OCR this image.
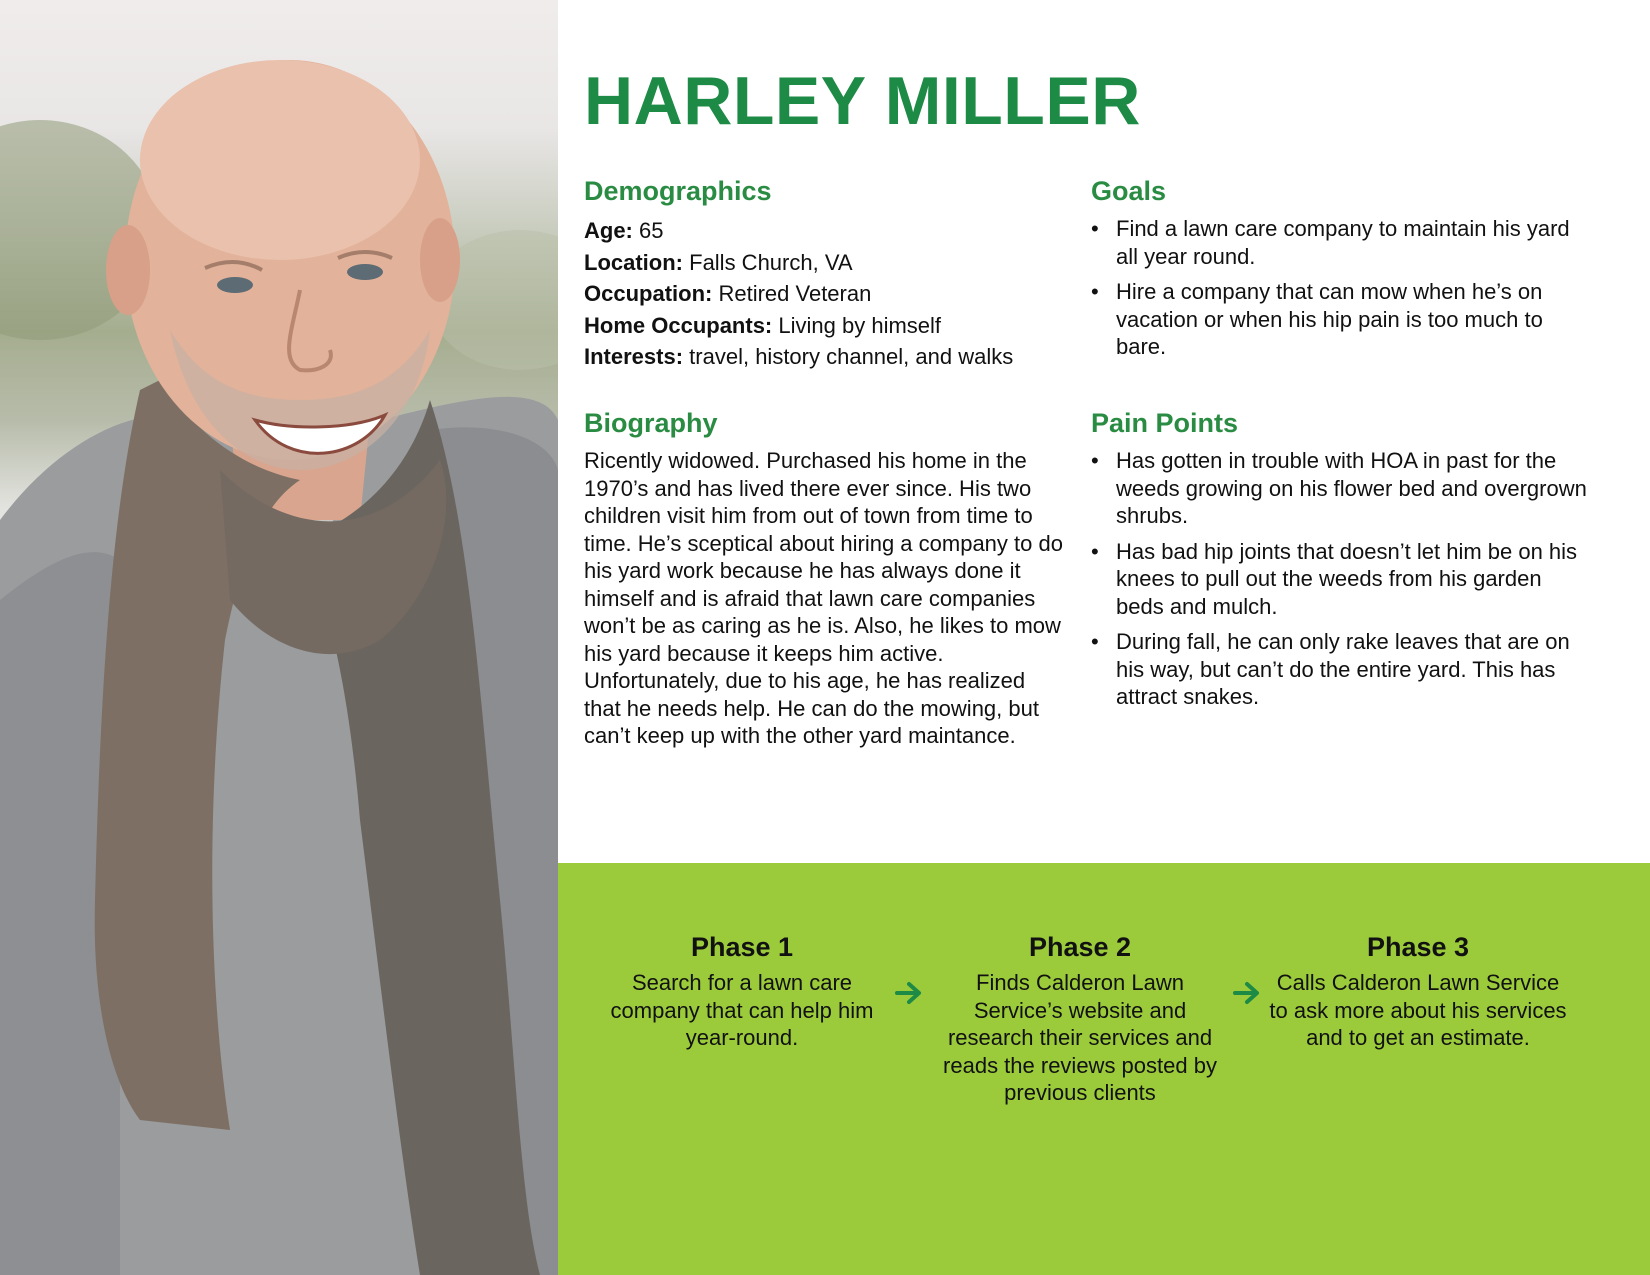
HARLEY MILLER
Demographics
Age: 65
Location: Falls Church, VA
Occupation: Retired Veteran
Home Occupants: Living by himself
Interests: travel, history channel, and walks
Biography

Ricently widowed. Purchased his home in the 1970’s and has lived there ever since. His two children visit him from out of town from time to time. He’s sceptical about hiring a company to do his yard work because he has always done it himself and is afraid that lawn care companies won’t be as caring as he is. Also, he likes to mow his yard because it keeps him active. Unfortunately, due to his age, he has realized that he needs help. He can do the mowing, but can’t keep up with the other yard maintance.

Goals
• Find a lawn care company to maintain his yard all year round.
• Hire a company that can mow when he’s on vacation or when his hip pain is too much to bare.
Pain Points
• Has gotten in trouble with HOA in past for the weeds growing on his flower bed and overgrown shrubs.
• Has bad hip joints that doesn’t let him be on his knees to pull out the weeds from his garden beds and mulch.
• During fall, he can only rake leaves that are on his way, but can’t do the entire yard. This has attract snakes.
Phase 1

Search for a lawn care company that can help him year-round.

Phase 2

Finds Calderon Lawn Service’s website and research their services and reads the reviews posted by previous clients

Phase 3

Calls Calderon Lawn Service to ask more about his services and to get an estimate.
